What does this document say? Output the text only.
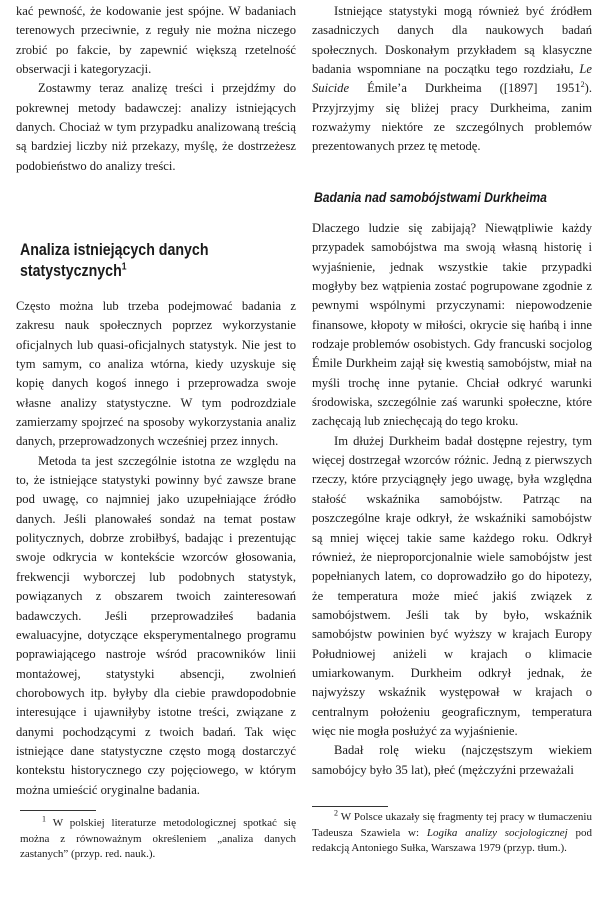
kać pewność, że kodowanie jest spójne. W badaniach terenowych przeciwnie, z reguły nie można niczego zrobić po fakcie, by zapewnić większą rzetelność obserwacji i kategoryzacji.

Zostawmy teraz analizę treści i przejdźmy do pokrewnej metody badawczej: analizy istniejących danych. Chociaż w tym przypadku analizowaną treścią są bardziej liczby niż przekazy, myślę, że dostrzeżesz podobieństwo do analizy treści.

Analiza istniejących danych statystycznych$^1$

Często można lub trzeba podejmować badania z zakresu nauk społecznych poprzez wykorzystanie oficjalnych lub quasi-oficjalnych statystyk. Nie jest to tym samym, co analiza wtórna, kiedy uzyskuje się kopię danych kogoś innego i przeprowadza swoje własne analizy statystyczne. W tym podrozdziale zamierzamy spojrzeć na sposoby wykorzystania analiz danych, przeprowadzonych wcześniej przez innych.

Metoda ta jest szczególnie istotna ze względu na to, że istniejące statystyki powinny być zawsze brane pod uwagę, co najmniej jako uzupełniające źródło danych. Jeśli planowałeś sondaż na temat postaw politycznych, dobrze zrobiłbyś, badając i prezentując swoje odkrycia w kontekście wzorców głosowania, frekwencji wyborczej lub podobnych statystyk, powiązanych z obszarem twoich zainteresowań badawczych. Jeśli przeprowadziłeś badania ewaluacyjne, dotyczące eksperymentalnego programu poprawiającego nastroje wśród pracowników linii montażowej, statystyki absencji, zwolnień chorobowych itp. byłyby dla ciebie prawdopodobnie interesujące i ujawniłyby istotne treści, związane z danymi pochodzącymi z twoich badań. Tak więc istniejące dane statystyczne często mogą dostarczyć kontekstu historycznego czy pojęciowego, w którym można umieścić oryginalne badania.

$^1$ W polskiej literaturze metodologicznej spotkać się można z równoważnym określeniem „analiza danych zastanych” (przyp. red. nauk.).

Istniejące statystyki mogą również być źródłem zasadniczych danych dla naukowych badań społecznych. Doskonałym przykładem są klasyczne badania wspomniane na początku tego rozdziału, Le Suicide Émile’a Durkheima ([1897] 1951$^2$). Przyjrzyjmy się bliżej pracy Durkheima, zanim rozważymy niektóre ze szczególnych problemów prezentowanych przez tę metodę.

Badania nad samobójstwami Durkheima

Dlaczego ludzie się zabijają? Niewątpliwie każdy przypadek samobójstwa ma swoją własną historię i wyjaśnienie, jednak wszystkie takie przypadki mogłyby bez wątpienia zostać pogrupowane zgodnie z pewnymi wspólnymi przyczynami: niepowodzenie finansowe, kłopoty w miłości, okrycie się hańbą i inne rodzaje problemów osobistych. Gdy francuski socjolog Émile Durkheim zajął się kwestią samobójstw, miał na myśli trochę inne pytanie. Chciał odkryć warunki środowiska, szczególnie zaś warunki społeczne, które zachęcają lub zniechęcają do tego kroku.

Im dłużej Durkheim badał dostępne rejestry, tym więcej dostrzegał wzorców różnic. Jedną z pierwszych rzeczy, które przyciągnęły jego uwagę, była względna stałość wskaźnika samobójstw. Patrząc na poszczególne kraje odkrył, że wskaźniki samobójstw są mniej więcej takie same każdego roku. Odkrył również, że nieproporcjonalnie wiele samobójstw jest popełnianych latem, co doprowadziło go do hipotezy, że temperatura może mieć jakiś związek z samobójstwem. Jeśli tak by było, wskaźnik samobójstw powinien być wyższy w krajach Europy Południowej aniżeli w krajach o klimacie umiarkowanym. Durkheim odkrył jednak, że najwyższy wskaźnik występował w krajach o centralnym położeniu geograficznym, temperatura więc nie mogła posłużyć za wyjaśnienie.

Badał rolę wieku (najczęstszym wiekiem samobójcy było 35 lat), płeć (mężczyźni przeważali

$^2$ W Polsce ukazały się fragmenty tej pracy w tłumaczeniu Tadeusza Szawiela w: Logika analizy socjologicznej pod redakcją Antoniego Sułka, Warszawa 1979 (przyp. tłum.).
